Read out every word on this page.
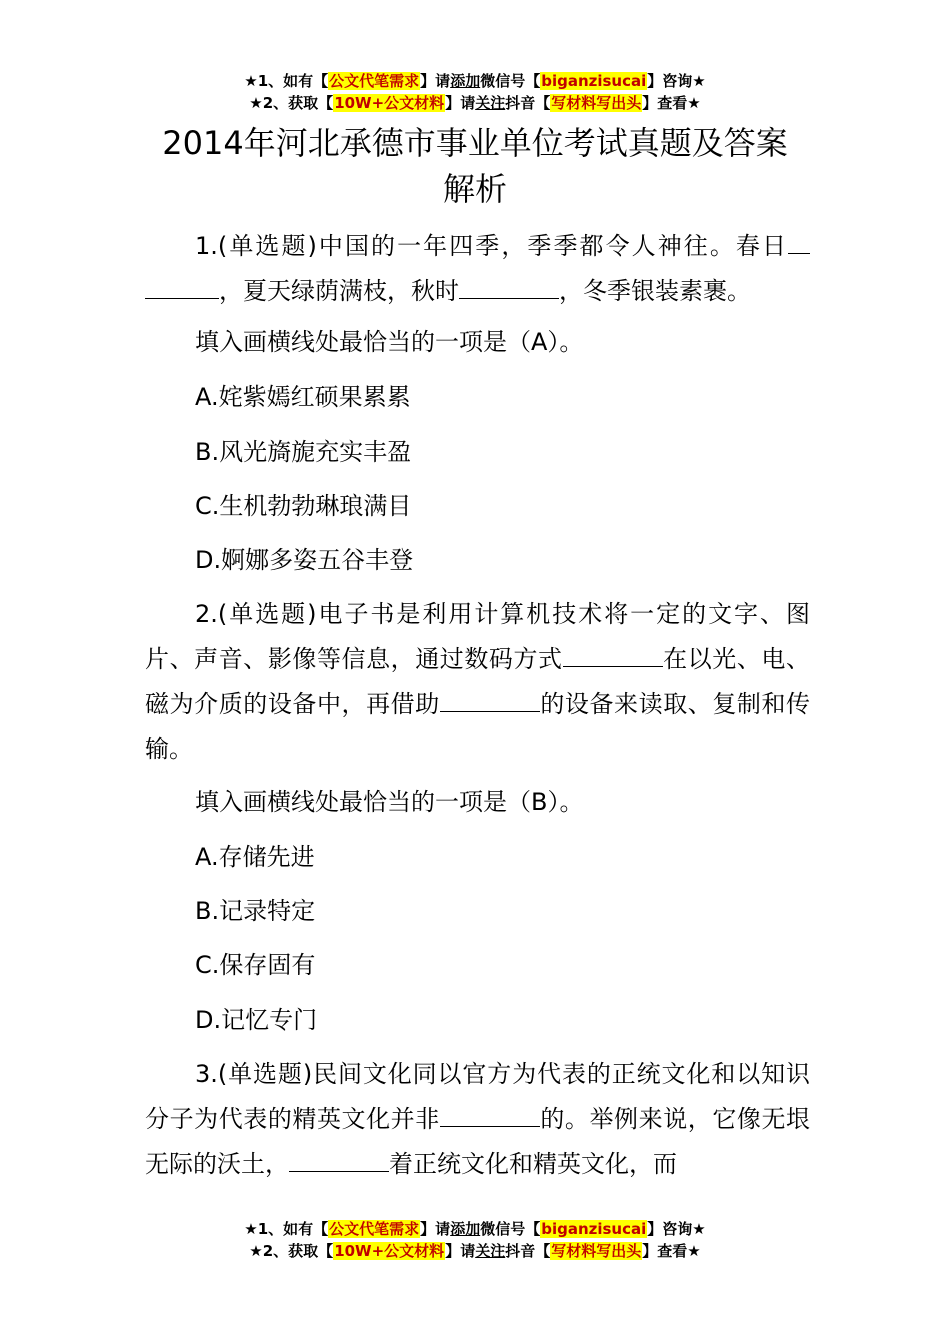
★1、如有【公文代笔需求】请添加微信号【biganzisucai】咨询★
★2、获取【10W+公文材料】请关注抖音【写材料写出头】查看★
2014年河北承德市事业单位考试真题及答案
解析

1.(单选题)中国的一年四季，季季都令人神往。春日 ，夏天绿荫满枝，秋时	，冬季银装素裹。

填入画横线处最恰当的一项是（A）。

A.姹紫嫣红硕果累累

B.风光旖旎充实丰盈

C.生机勃勃琳琅满目

D.婀娜多姿五谷丰登

2.(单选题)电子书是利用计算机技术将一定的文字、图片、声音、影像等信息，通过数码方式	在以光、电、磁为介质的设备中，再借助	的设备来读取、复制和传输。

填入画横线处最恰当的一项是（B）。

A.存储先进

B.记录特定

C.保存固有

D.记忆专门

3.(单选题)民间文化同以官方为代表的正统文化和以知识分子为代表的精英文化并非	的。举例来说，它像无垠无际的沃土，	着正统文化和精英文化，而

★1、如有【公文代笔需求】请添加微信号【biganzisucai】咨询★
★2、获取【10W+公文材料】请关注抖音【写材料写出头】查看★
